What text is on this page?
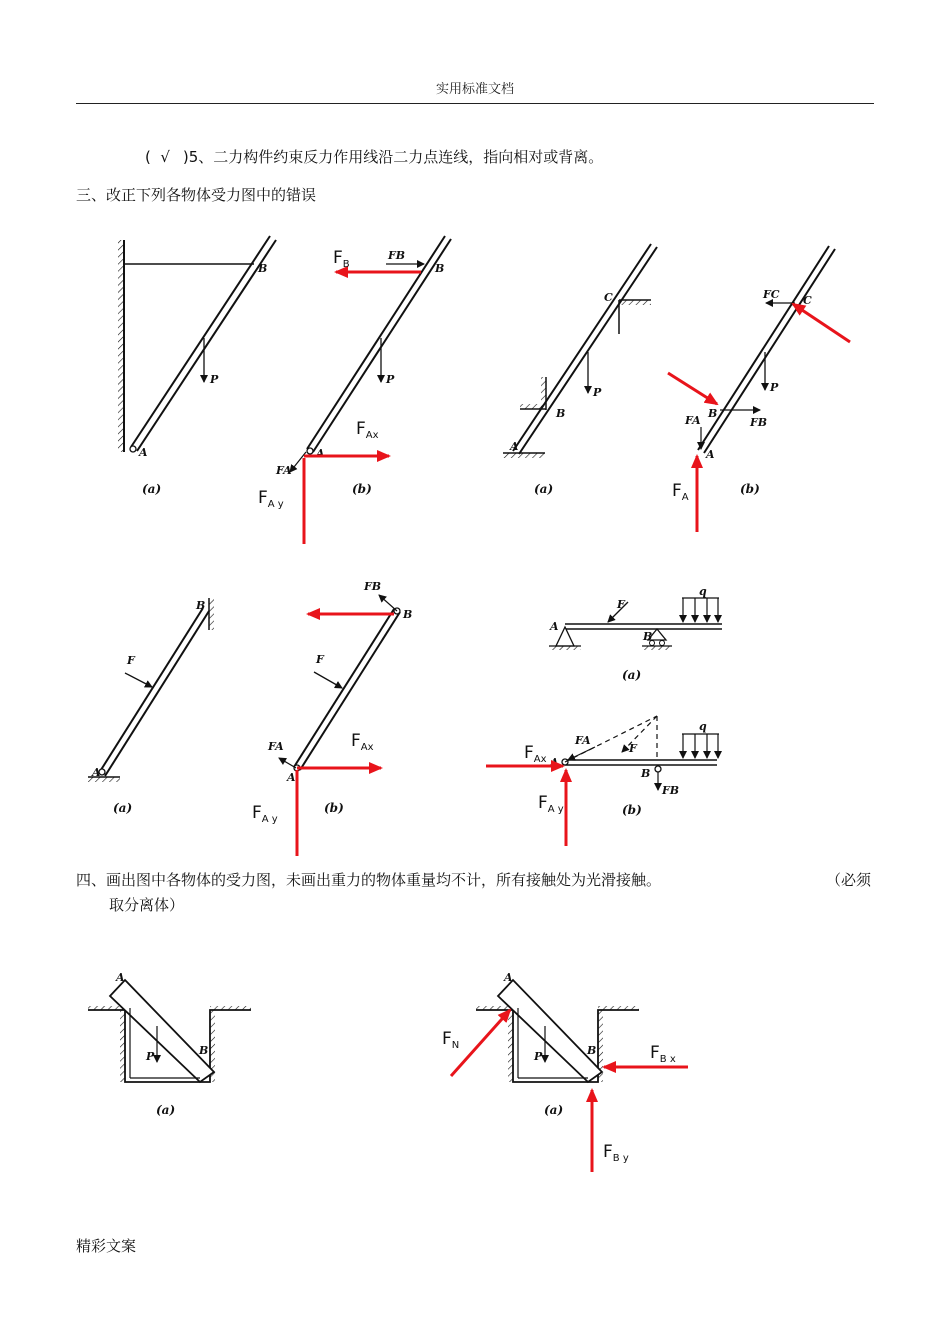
实用标准文档
( √ )5、二力构件约束反力作用线沿二力点连线，指向相对或背离。
三、改正下列各物体受力图中的错误
四、画出图中各物体的受力图，未画出重力的物体重量均不计，所有接触处为光滑接触。	（必须
取分离体）
B
A
P
(a)
FB
B
A
P
FA
(b)
$F_B$
$F_{Ax}$
$F_{A y}$
C
B
A
P
(a)
FC C
FA
B
FB
A
P
(b)
$F_A$
B
F
A
(a)
FB
B
F
FA
A
(b)
$F_{Ax}$
$F_{A y}$
q
F
A
B
(a)
q
FA
F
A
B
FB
(b)
$F_{Ax}$
$F_{A y}$
A
B
P
(a)
A
B
P
(a)
$F_N$	$F_{B x}$
$F_{B y}$
精彩文案
